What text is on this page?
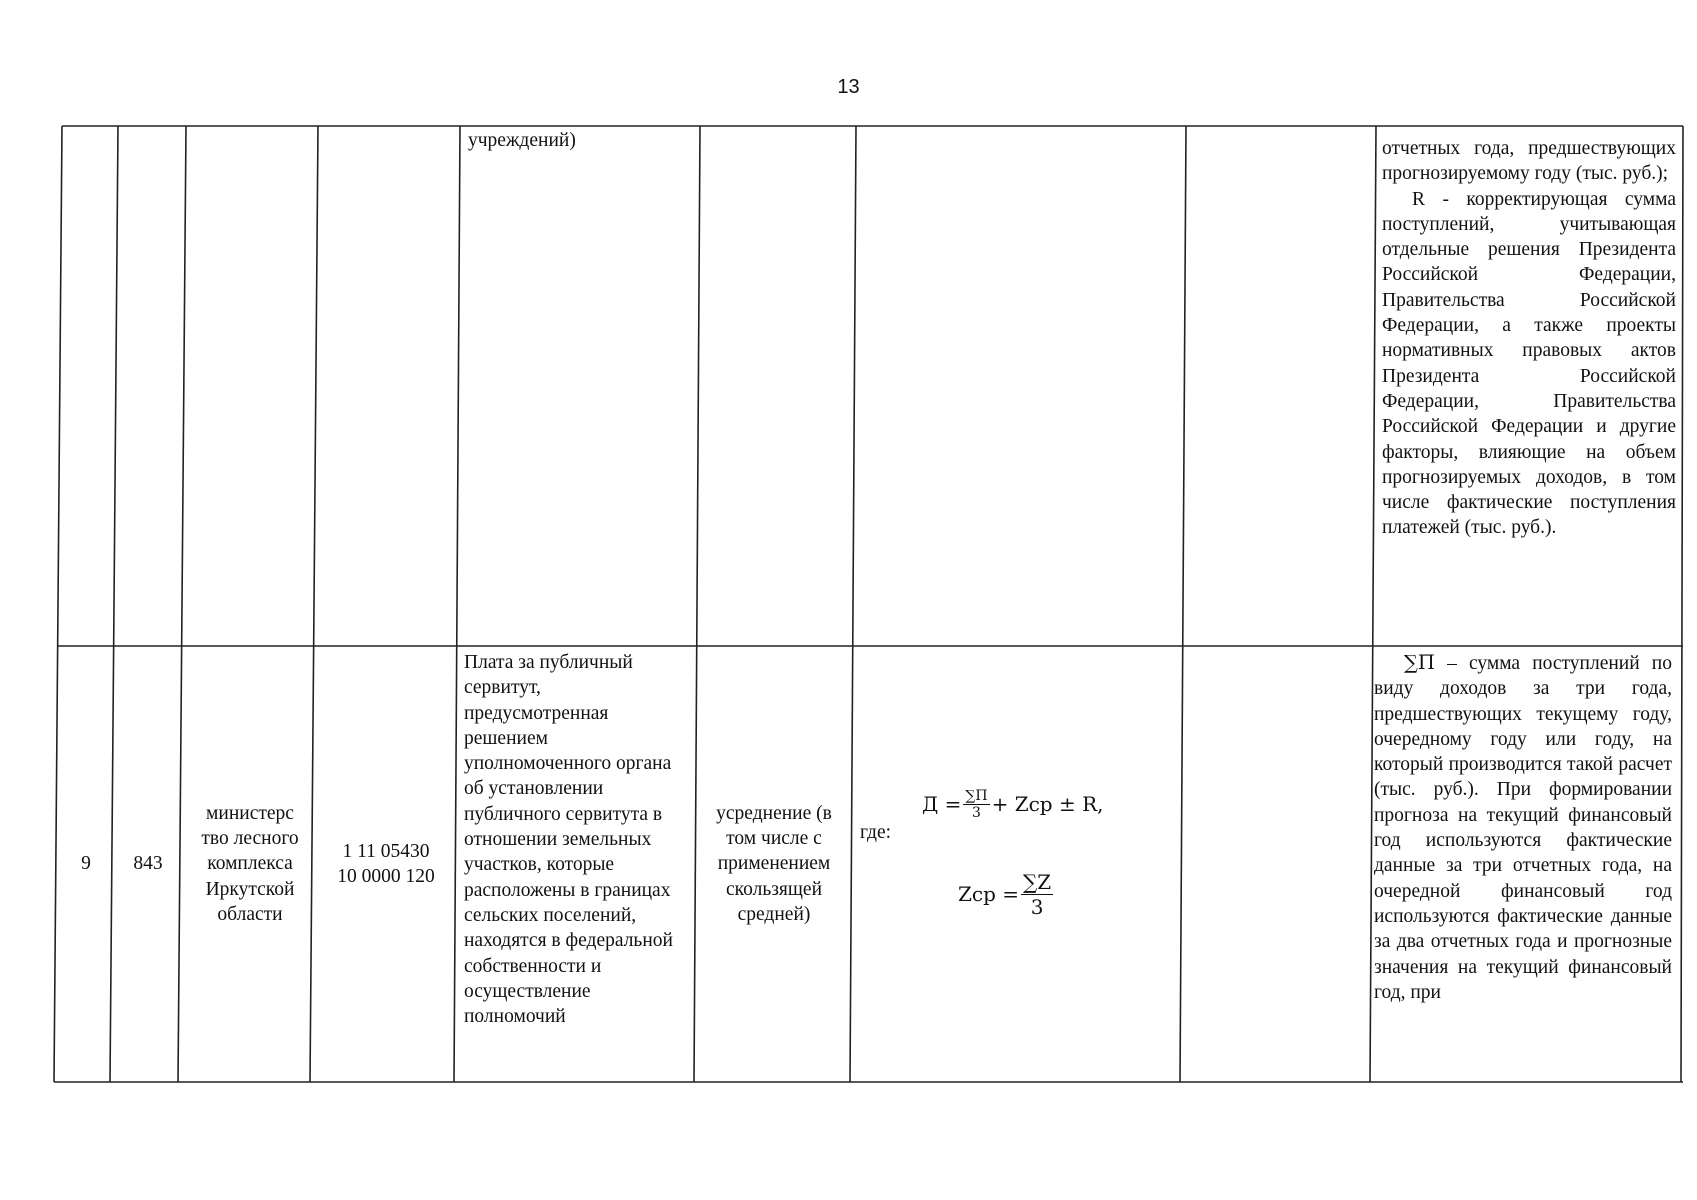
13
учреждений)	отчетных года, предшествующих прогнозируемому году (тыс. руб.);
R - корректирующая сумма поступлений, учитывающая отдельные решения Президента Российской Федерации, Правительства Российской Федерации, а также проекты нормативных правовых актов Президента Российской Федерации, Правительства Российской Федерации и другие факторы, влияющие на объем прогнозируемых доходов, в том числе фактические поступления платежей (тыс. руб.).
9 843
министерс тво лесного комплекса Иркутской области
1 11 05430
10 0000 120
Плата за публичный сервитут, предусмотренная решением уполномоченного органа об установлении публичного сервитута в отношении земельных участков, которые расположены в границах сельских поселений, находятся в федеральной собственности и осуществление полномочий
усреднение (в том числе с применением скользящей средней)
$Д = \frac{\sum П}{3}$ + Zср ± R,
где:
Zср = $\frac{\sum Z}{3}$
∑П – сумма поступлений по виду доходов за три года, предшествующих текущему году, очередному году или году, на который производится такой расчет (тыс. руб.). При формировании прогноза на текущий финансовый год используются фактические данные за три отчетных года, на очередной финансовый год используются фактические данные за два отчетных года и прогнозные значения на текущий финансовый год, при
